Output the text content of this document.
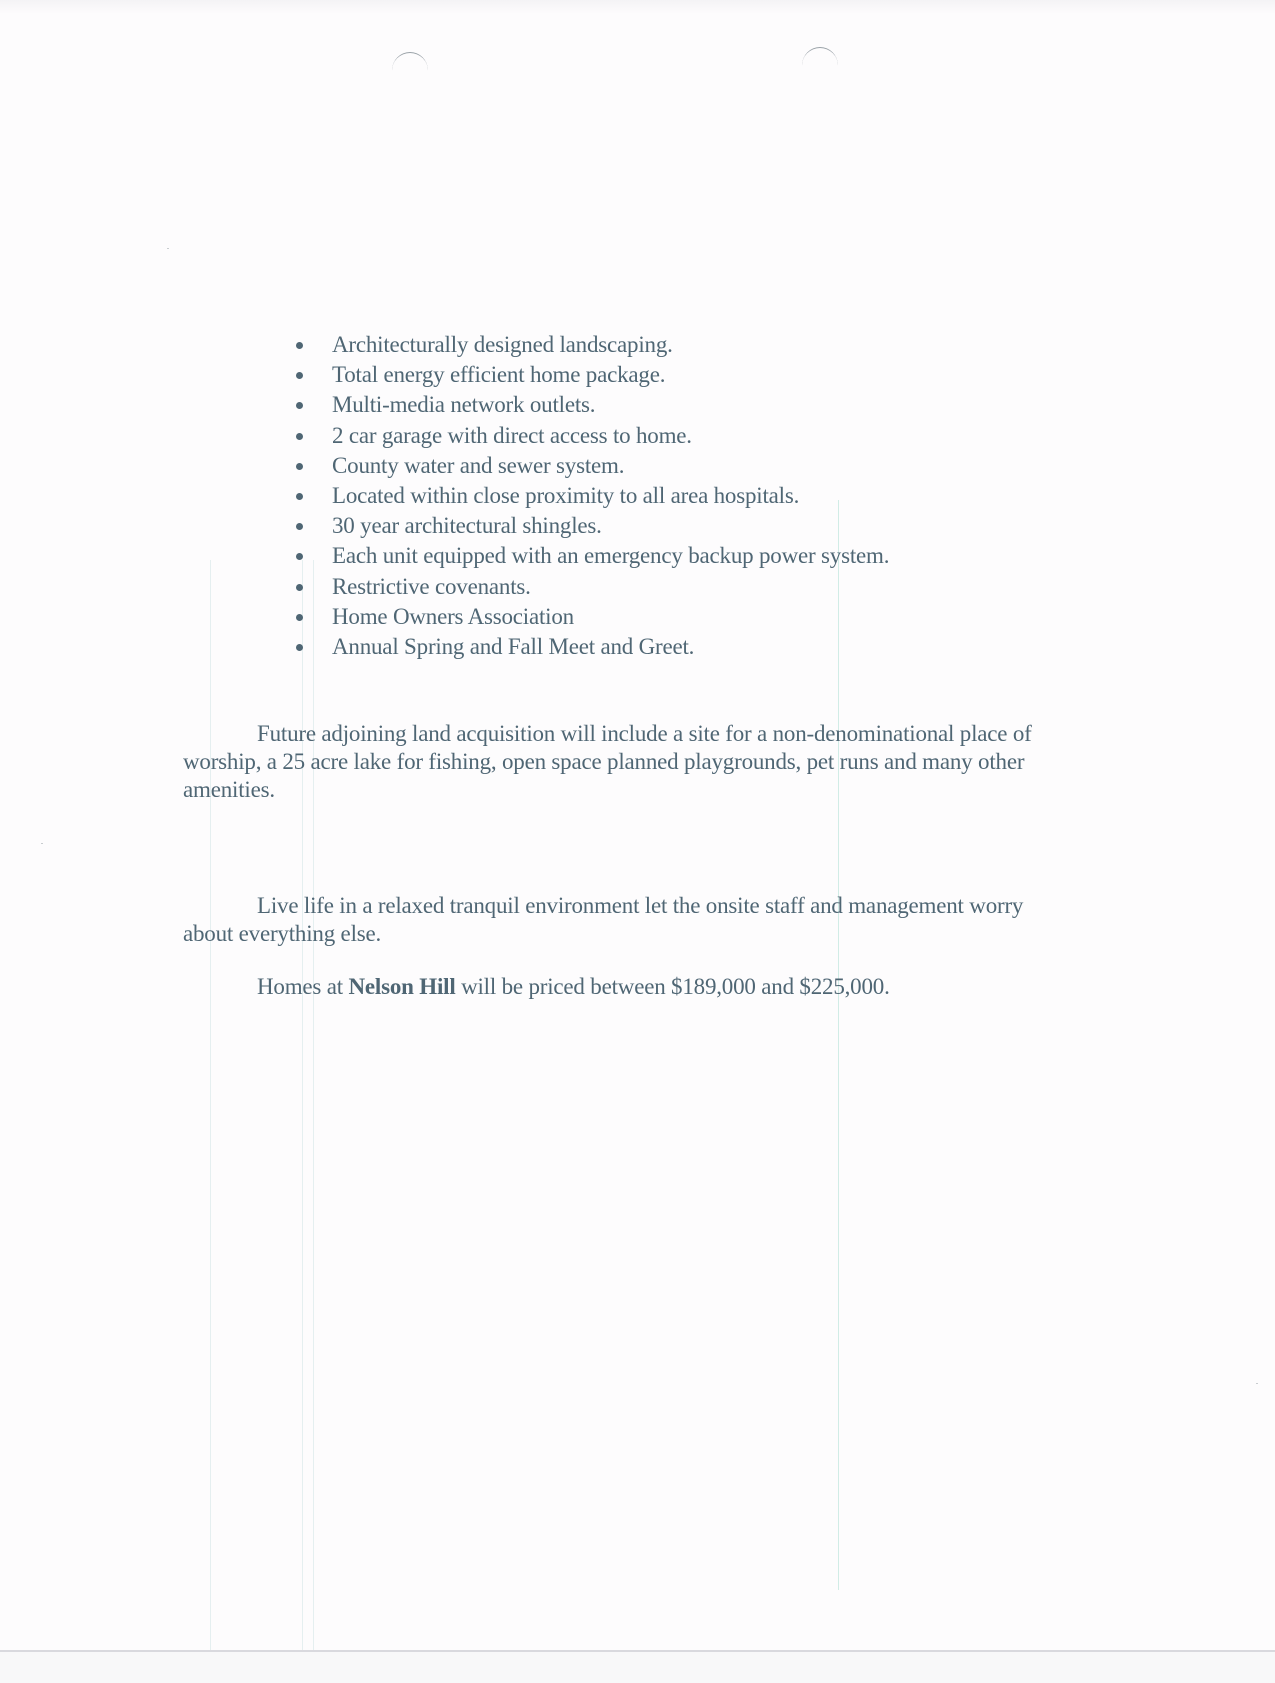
Architecturally designed landscaping.
Total energy efficient home package.
Multi-media network outlets.
2 car garage with direct access to home.
County water and sewer system.
Located within close proximity to all area hospitals.
30 year architectural shingles.
Each unit equipped with an emergency backup power system.
Restrictive covenants.
Home Owners Association
Annual Spring and Fall Meet and Greet.

Future adjoining land acquisition will include a site for a non-denominational place of worship, a 25 acre lake for fishing, open space planned playgrounds, pet runs and many other amenities.

Live life in a relaxed tranquil environment let the onsite staff and management worry about everything else.

Homes at Nelson Hill will be priced between $189,000 and $225,000.
